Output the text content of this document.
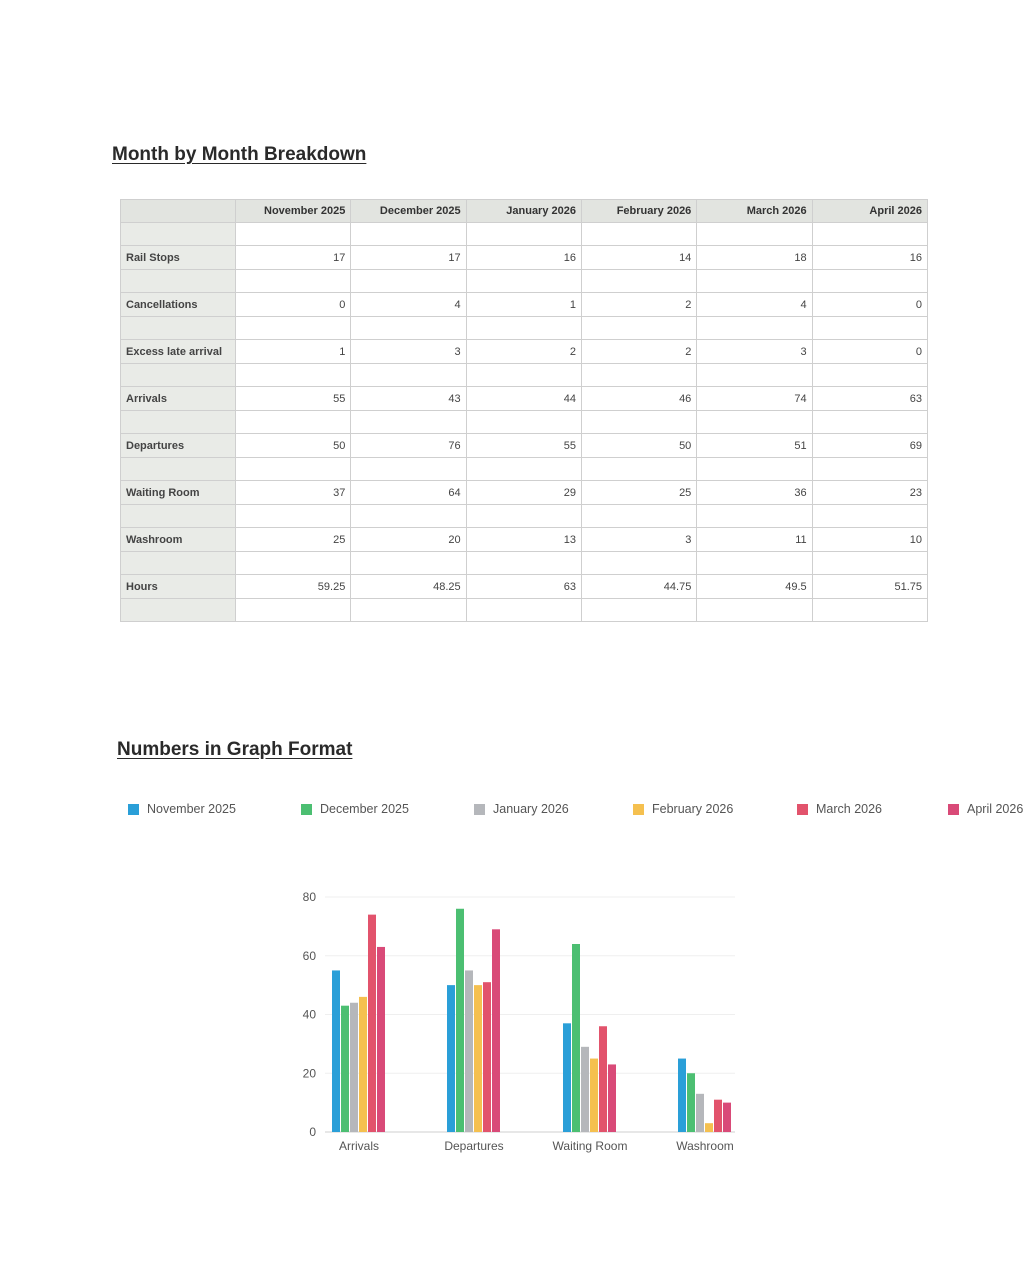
Month by Month Breakdown
	November 2025	December 2025	January 2026	February 2026	March 2026	April 2026

Rail Stops	17	17	16	14	18	16

Cancellations	0	4	1	2	4	0

Excess late arrival	1	3	2	2	3	0

Arrivals	55	43	44	46	74	63

Departures	50	76	55	50	51	69

Waiting Room	37	64	29	25	36	23

Washroom	25	20	13	3	11	10

Hours	59.25	48.25	63	44.75	49.5	51.75

Numbers in Graph Format
November 2025	December 2025	January 2026	February 2026	March 2026	April 2026
0
20
40
60
80
Arrivals	Departures	Waiting Room	Washroom
